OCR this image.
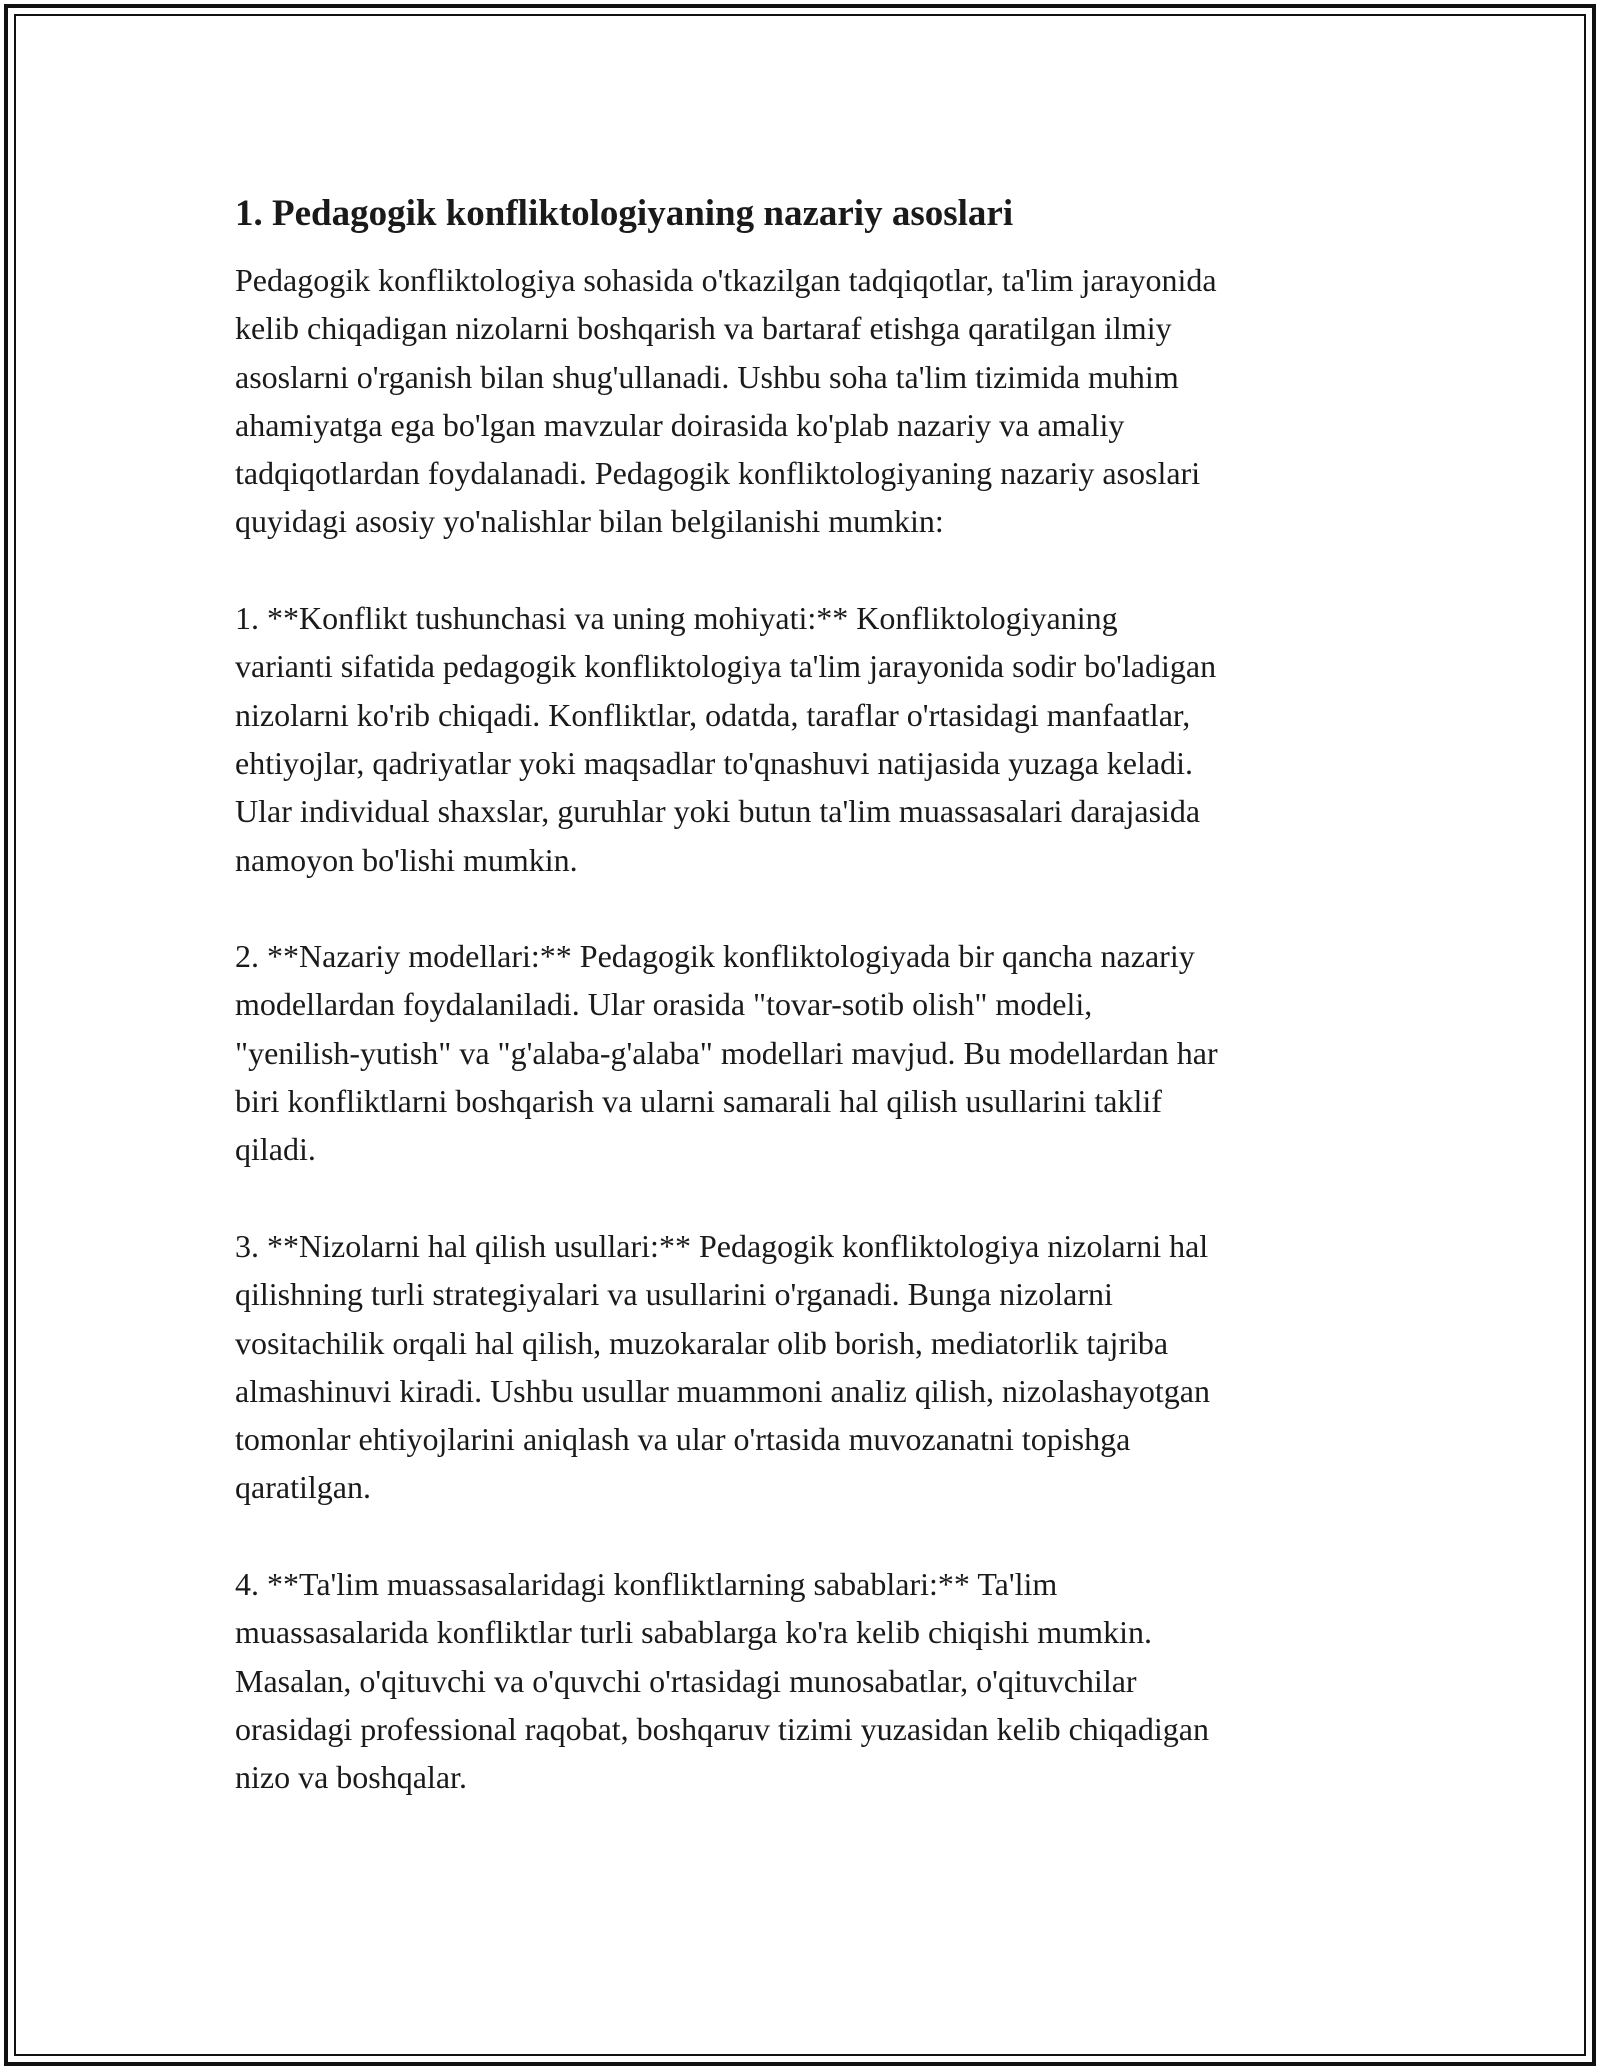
1. Pedagogik konfliktologiyaning nazariy asoslari

Pedagogik konfliktologiya sohasida o'tkazilgan tadqiqotlar, ta'lim jarayonida
kelib chiqadigan nizolarni boshqarish va bartaraf etishga qaratilgan ilmiy
asoslarni o'rganish bilan shug'ullanadi. Ushbu soha ta'lim tizimida muhim
ahamiyatga ega bo'lgan mavzular doirasida ko'plab nazariy va amaliy
tadqiqotlardan foydalanadi. Pedagogik konfliktologiyaning nazariy asoslari
quyidagi asosiy yo'nalishlar bilan belgilanishi mumkin:

1. **Konflikt tushunchasi va uning mohiyati:** Konfliktologiyaning
varianti sifatida pedagogik konfliktologiya ta'lim jarayonida sodir bo'ladigan
nizolarni ko'rib chiqadi. Konfliktlar, odatda, taraflar o'rtasidagi manfaatlar,
ehtiyojlar, qadriyatlar yoki maqsadlar to'qnashuvi natijasida yuzaga keladi.
Ular individual shaxslar, guruhlar yoki butun ta'lim muassasalari darajasida
namoyon bo'lishi mumkin.

2. **Nazariy modellari:** Pedagogik konfliktologiyada bir qancha nazariy
modellardan foydalaniladi. Ular orasida "tovar-sotib olish" modeli,
"yenilish-yutish" va "g'alaba-g'alaba" modellari mavjud. Bu modellardan har
biri konfliktlarni boshqarish va ularni samarali hal qilish usullarini taklif
qiladi.

3. **Nizolarni hal qilish usullari:** Pedagogik konfliktologiya nizolarni hal
qilishning turli strategiyalari va usullarini o'rganadi. Bunga nizolarni
vositachilik orqali hal qilish, muzokaralar olib borish, mediatorlik tajriba
almashinuvi kiradi. Ushbu usullar muammoni analiz qilish, nizolashayotgan
tomonlar ehtiyojlarini aniqlash va ular o'rtasida muvozanatni topishga
qaratilgan.

4. **Ta'lim muassasalaridagi konfliktlarning sabablari:** Ta'lim
muassasalarida konfliktlar turli sabablarga ko'ra kelib chiqishi mumkin.
Masalan, o'qituvchi va o'quvchi o'rtasidagi munosabatlar, o'qituvchilar
orasidagi professional raqobat, boshqaruv tizimi yuzasidan kelib chiqadigan
nizo va boshqalar.
